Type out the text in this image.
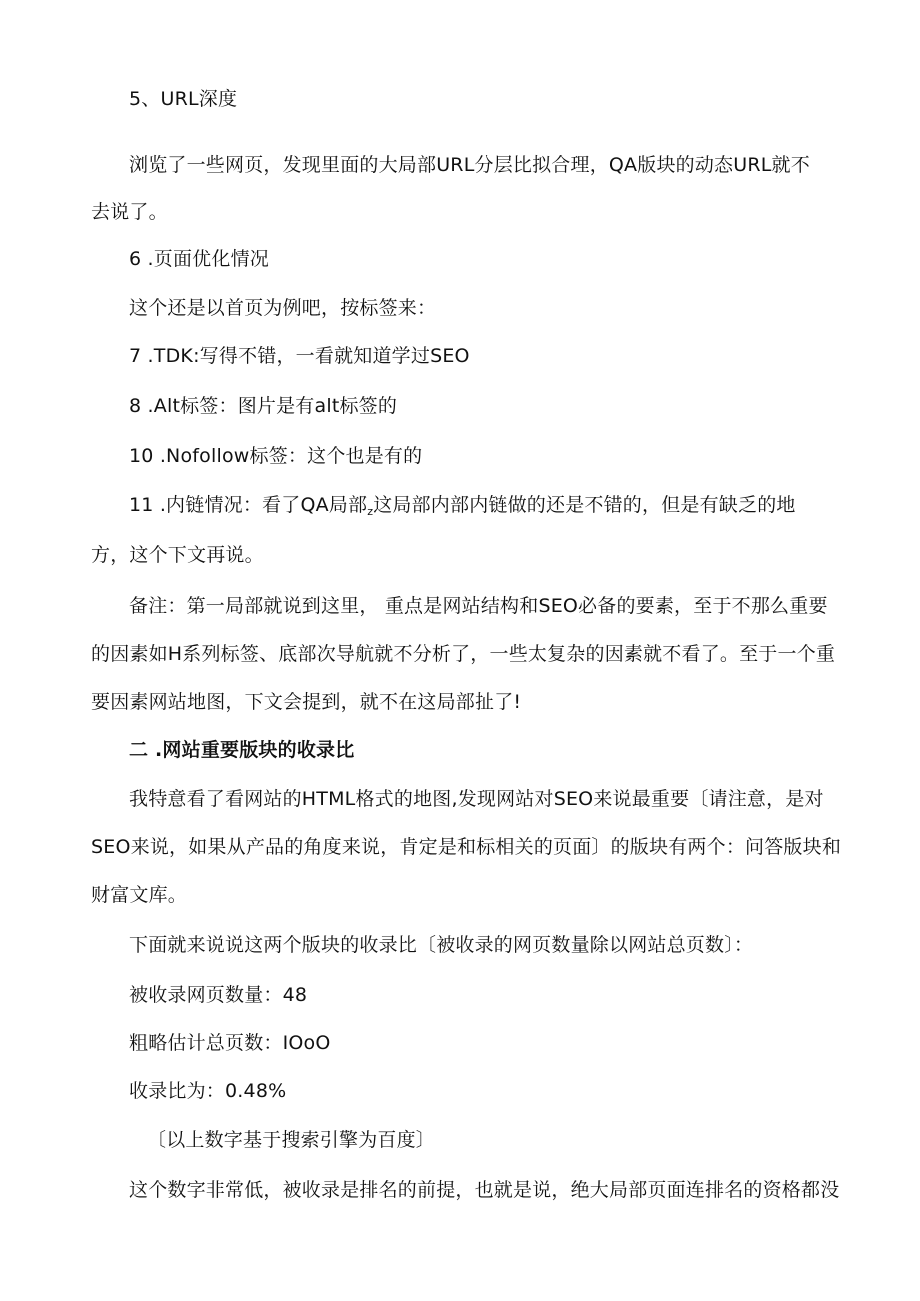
5、URL深度
浏览了一些网页，发现里面的大局部URL分层比拟合理，QA版块的动态URL就不
去说了。
6 .页面优化情况
这个还是以首页为例吧，按标签来：
7 .TDK:写得不错，一看就知道学过SEO
8 .Alt标签：图片是有alt标签的
10 .Nofollow标签：这个也是有的
11 .内链情况：看了QA局部$_z$这局部内部内链做的还是不错的，但是有缺乏的地
方，这个下文再说。
备注：第一局部就说到这里， 重点是网站结构和SEO必备的要素，至于不那么重要
的因素如H系列标签、底部次导航就不分析了，一些太复杂的因素就不看了。至于一个重
要因素网站地图，下文会提到，就不在这局部扯了!
二 .网站重要版块的收录比
我特意看了看网站的HTML格式的地图,发现网站对SEO来说最重要〔请注意，是对
SEO来说，如果从产品的角度来说，肯定是和标相关的页面〕的版块有两个：问答版块和
财富文库。
下面就来说说这两个版块的收录比〔被收录的网页数量除以网站总页数〕：
被收录网页数量：48
粗略估计总页数：IOoO
收录比为：0.48%
〔以上数字基于搜索引擎为百度〕
这个数字非常低，被收录是排名的前提，也就是说，绝大局部页面连排名的资格都没
